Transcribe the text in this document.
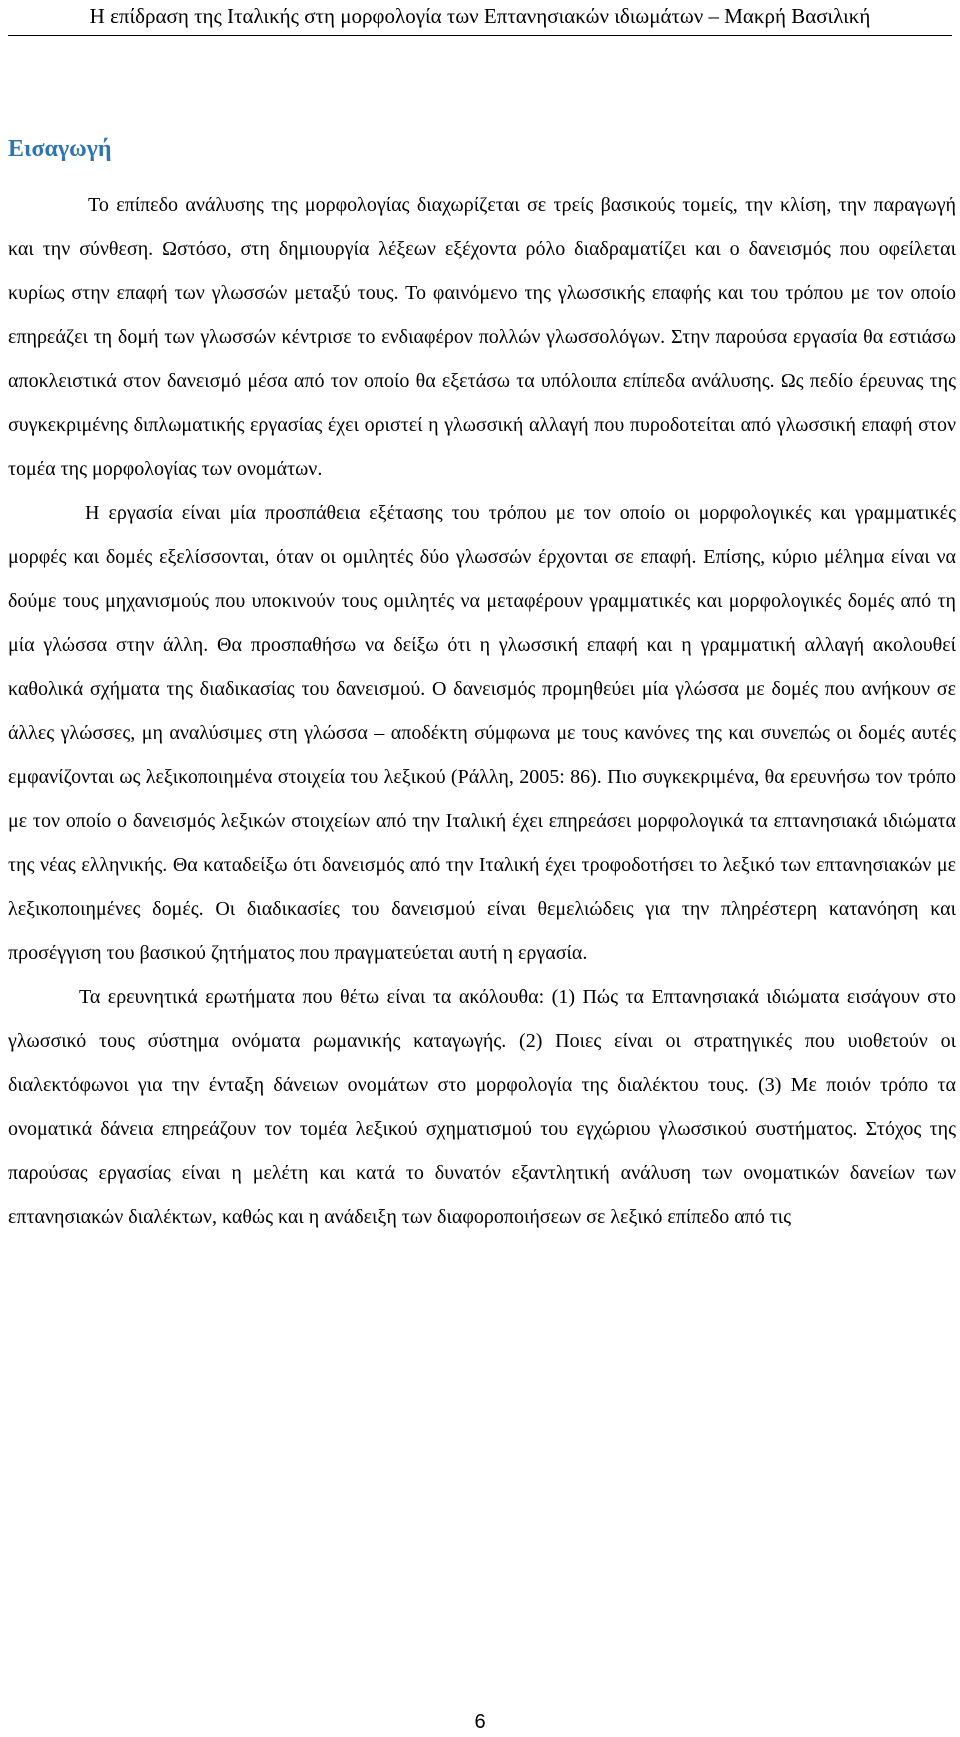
Η επίδραση της Ιταλικής στη μορφολογία των Επτανησιακών ιδιωμάτων – Μακρή Βασιλική
Εισαγωγή

Το επίπεδο ανάλυσης της μορφολογίας διαχωρίζεται σε τρείς βασικούς τομείς, την κλίση, την παραγωγή και την σύνθεση. Ωστόσο, στη δημιουργία λέξεων εξέχοντα ρόλο διαδραματίζει και ο δανεισμός που οφείλεται κυρίως στην επαφή των γλωσσών μεταξύ τους. Το φαινόμενο της γλωσσικής επαφής και του τρόπου με τον οποίο επηρεάζει τη δομή των γλωσσών κέντρισε το ενδιαφέρον πολλών γλωσσολόγων. Στην παρούσα εργασία θα εστιάσω αποκλειστικά στον δανεισμό μέσα από τον οποίο θα εξετάσω τα υπόλοιπα επίπεδα ανάλυσης. Ως πεδίο έρευνας της συγκεκριμένης διπλωματικής εργασίας έχει οριστεί η γλωσσική αλλαγή που πυροδοτείται από γλωσσική επαφή στον τομέα της μορφολογίας των ονομάτων.

Η εργασία είναι μία προσπάθεια εξέτασης του τρόπου με τον οποίο οι μορφολογικές και γραμματικές μορφές και δομές εξελίσσονται, όταν οι ομιλητές δύο γλωσσών έρχονται σε επαφή. Επίσης, κύριο μέλημα είναι να δούμε τους μηχανισμούς που υποκινούν τους ομιλητές να μεταφέρουν γραμματικές και μορφολογικές δομές από τη μία γλώσσα στην άλλη. Θα προσπαθήσω να δείξω ότι η γλωσσική επαφή και η γραμματική αλλαγή ακολουθεί καθολικά σχήματα της διαδικασίας του δανεισμού. Ο δανεισμός προμηθεύει μία γλώσσα με δομές που ανήκουν σε άλλες γλώσσες, μη αναλύσιμες στη γλώσσα – αποδέκτη σύμφωνα με τους κανόνες της και συνεπώς οι δομές αυτές εμφανίζονται ως λεξικοποιημένα στοιχεία του λεξικού (Ράλλη, 2005: 86). Πιο συγκεκριμένα, θα ερευνήσω τον τρόπο με τον οποίο ο δανεισμός λεξικών στοιχείων από την Ιταλική έχει επηρεάσει μορφολογικά τα επτανησιακά ιδιώματα της νέας ελληνικής. Θα καταδείξω ότι δανεισμός από την Ιταλική έχει τροφοδοτήσει το λεξικό των επτανησιακών με λεξικοποιημένες δομές. Οι διαδικασίες του δανεισμού είναι θεμελιώδεις για την πληρέστερη κατανόηση και προσέγγιση του βασικού ζητήματος που πραγματεύεται αυτή η εργασία.

Τα ερευνητικά ερωτήματα που θέτω είναι τα ακόλουθα: (1) Πώς τα Επτανησιακά ιδιώματα εισάγουν στο γλωσσικό τους σύστημα ονόματα ρωμανικής καταγωγής. (2) Ποιες είναι οι στρατηγικές που υιοθετούν οι διαλεκτόφωνοι για την ένταξη δάνειων ονομάτων στο μορφολογία της διαλέκτου τους. (3) Με ποιόν τρόπο τα ονοματικά δάνεια επηρεάζουν τον τομέα λεξικού σχηματισμού του εγχώριου γλωσσικού συστήματος. Στόχος της παρούσας εργασίας είναι η μελέτη και κατά το δυνατόν εξαντλητική ανάλυση των ονοματικών δανείων των επτανησιακών διαλέκτων, καθώς και η ανάδειξη των διαφοροποιήσεων σε λεξικό επίπεδο από τις

6
